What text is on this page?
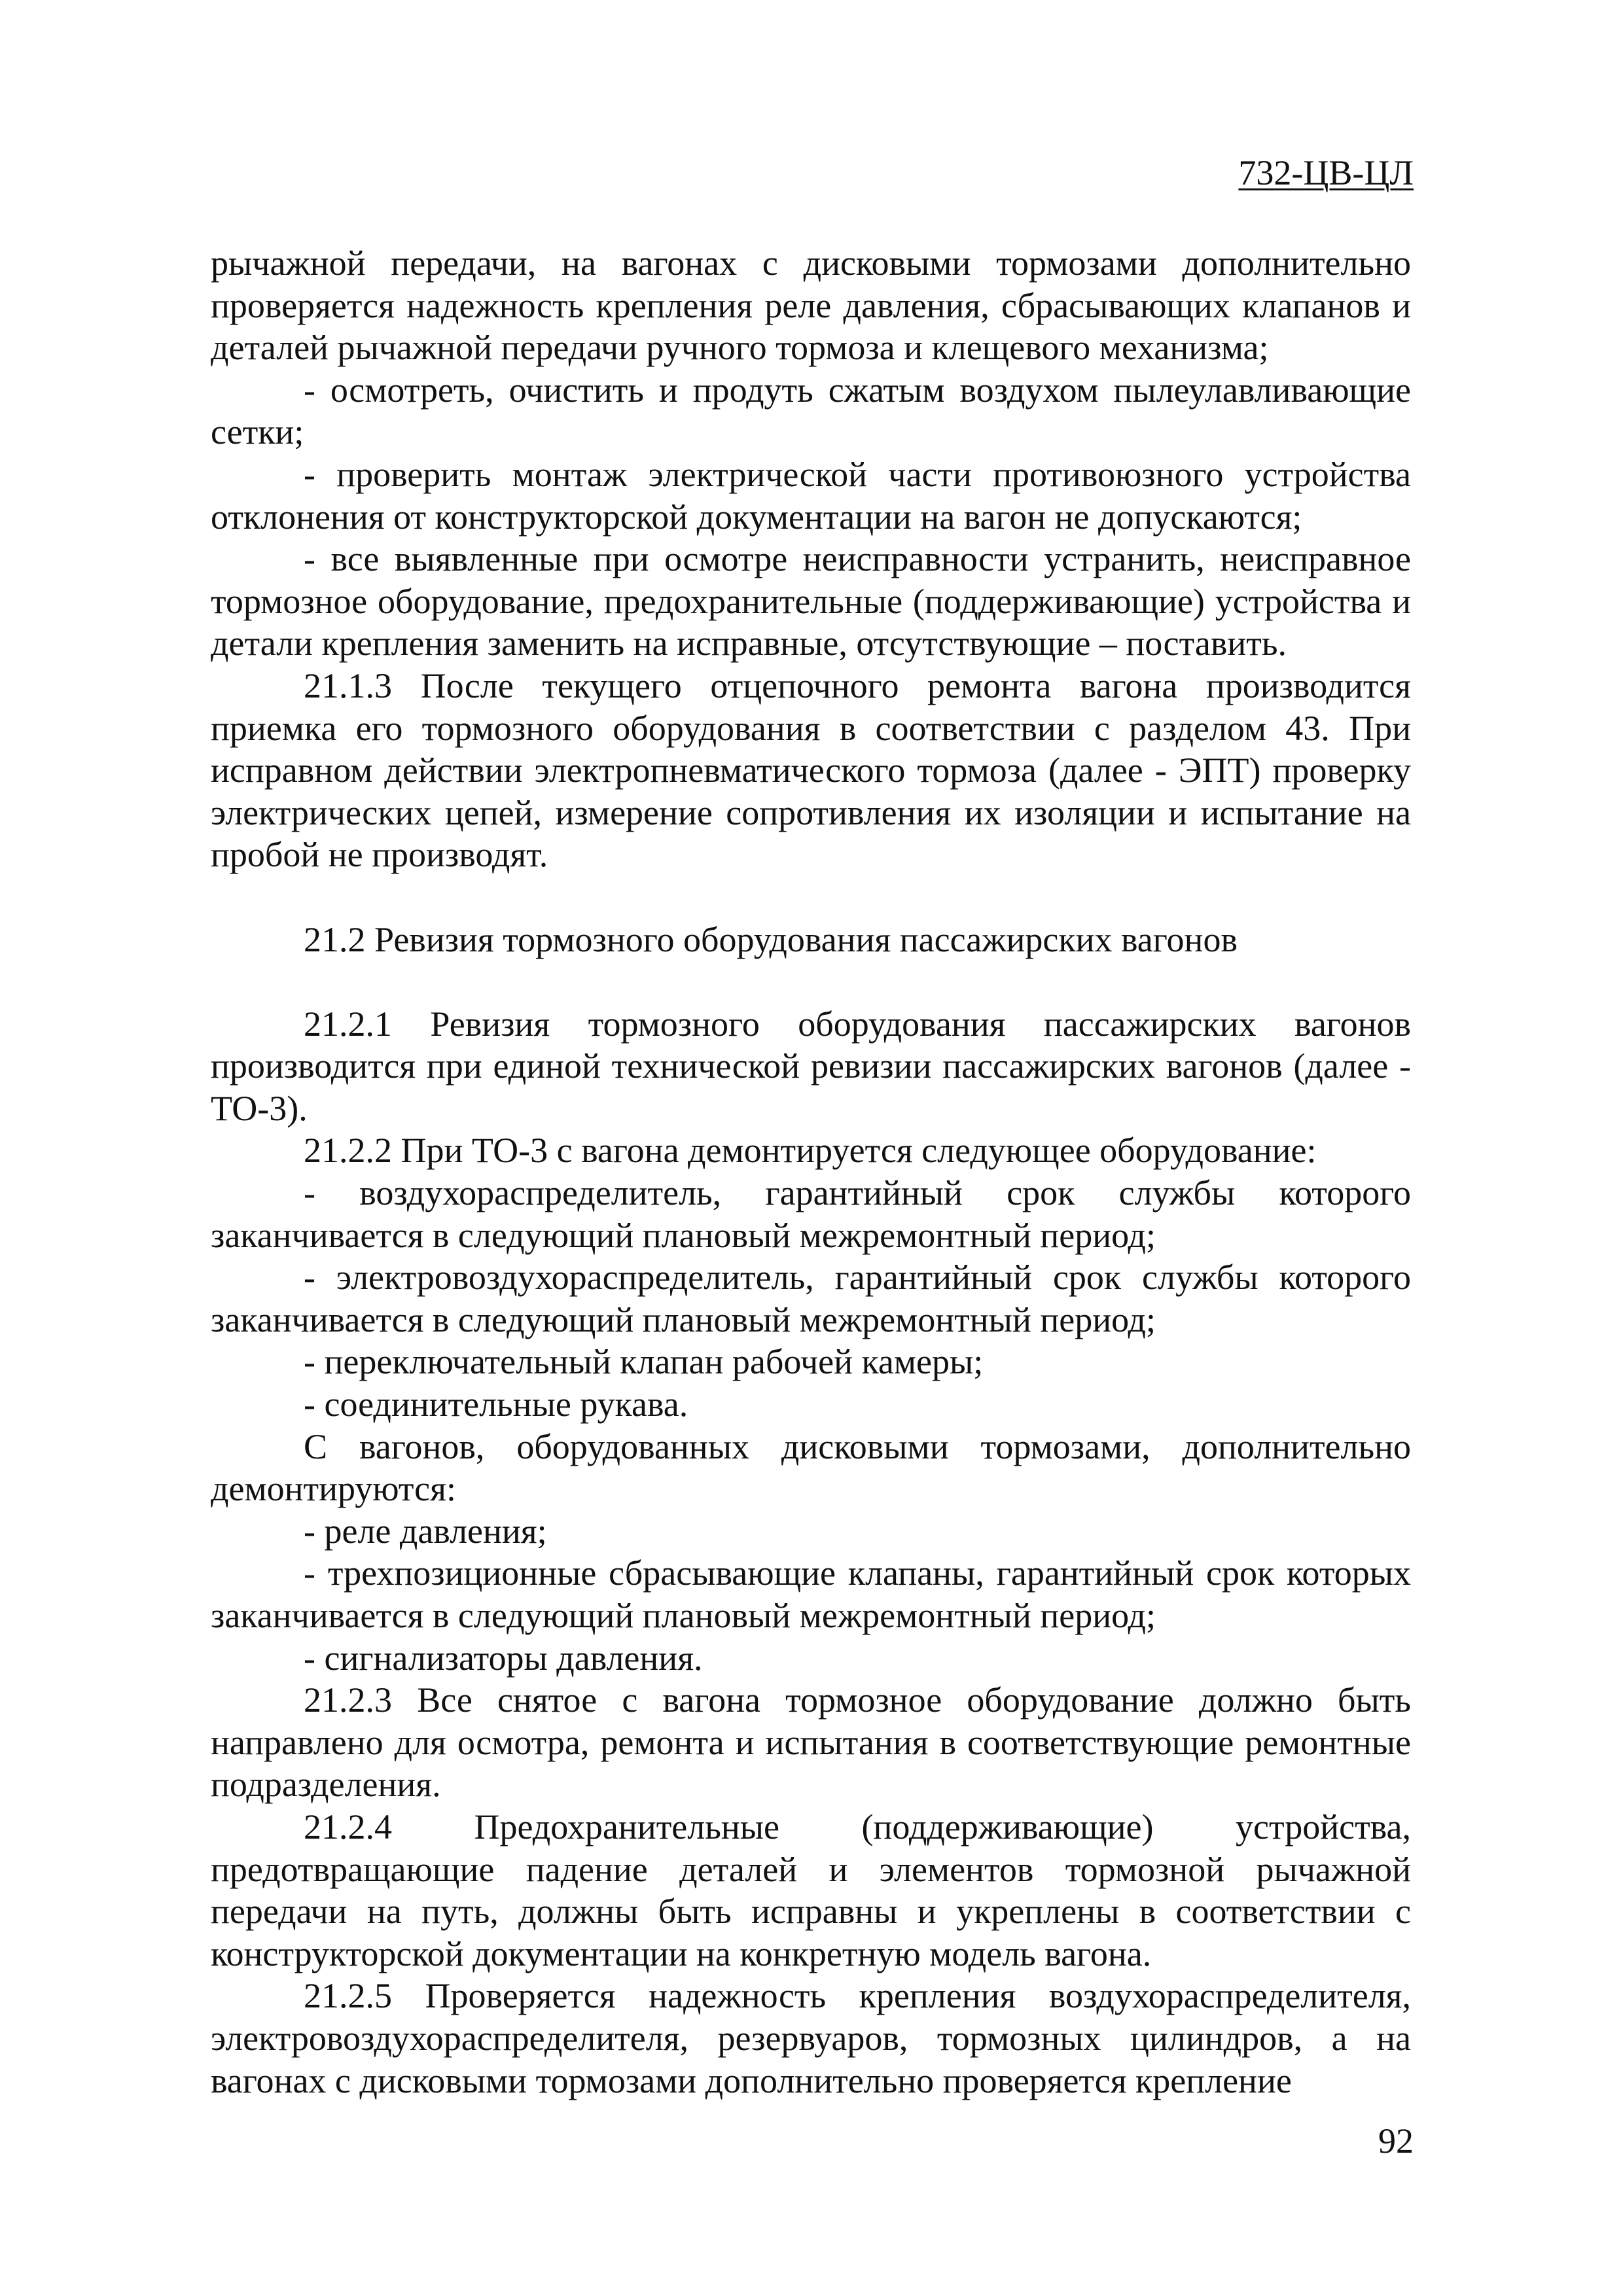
732-ЦВ-ЦЛ

рычажной передачи, на вагонах с дисковыми тормозами дополнительно проверяется надежность крепления реле давления, сбрасывающих клапанов и деталей рычажной передачи ручного тормоза и клещевого механизма;

- осмотреть, очистить и продуть сжатым воздухом пылеулавливающие сетки;

- проверить монтаж электрической части противоюзного устройства отклонения от конструкторской документации на вагон не допускаются;

- все выявленные при осмотре неисправности устранить, неисправное тормозное оборудование, предохранительные (поддерживающие) устройства и детали крепления заменить на исправные, отсутствующие – поставить.

21.1.3 После текущего отцепочного ремонта вагона производится приемка его тормозного оборудования в соответствии с разделом 43. При исправном действии электропневматического тормоза (далее - ЭПТ) проверку электрических цепей, измерение сопротивления их изоляции и испытание на пробой не производят.

21.2 Ревизия тормозного оборудования пассажирских вагонов

21.2.1 Ревизия тормозного оборудования пассажирских вагонов производится при единой технической ревизии пассажирских вагонов (далее - ТО-3).

21.2.2 При ТО-3 с вагона демонтируется следующее оборудование:

- воздухораспределитель, гарантийный срок службы которого заканчивается в следующий плановый межремонтный период;

- электровоздухораспределитель, гарантийный срок службы которого заканчивается в следующий плановый межремонтный период;

- переключательный клапан рабочей камеры;

- соединительные рукава.

С вагонов, оборудованных дисковыми тормозами, дополнительно демонтируются:

- реле давления;

- трехпозиционные сбрасывающие клапаны, гарантийный срок которых заканчивается в следующий плановый межремонтный период;

- сигнализаторы давления.

21.2.3 Все снятое с вагона тормозное оборудование должно быть направлено для осмотра, ремонта и испытания в соответствующие ремонтные подразделения.

21.2.4 Предохранительные (поддерживающие) устройства, предотвращающие падение деталей и элементов тормозной рычажной передачи на путь, должны быть исправны и укреплены в соответствии с конструкторской документации на конкретную модель вагона.

21.2.5 Проверяется надежность крепления воздухораспределителя, электровоздухораспределителя, резервуаров, тормозных цилиндров, а на вагонах с дисковыми тормозами дополнительно проверяется крепление

92
